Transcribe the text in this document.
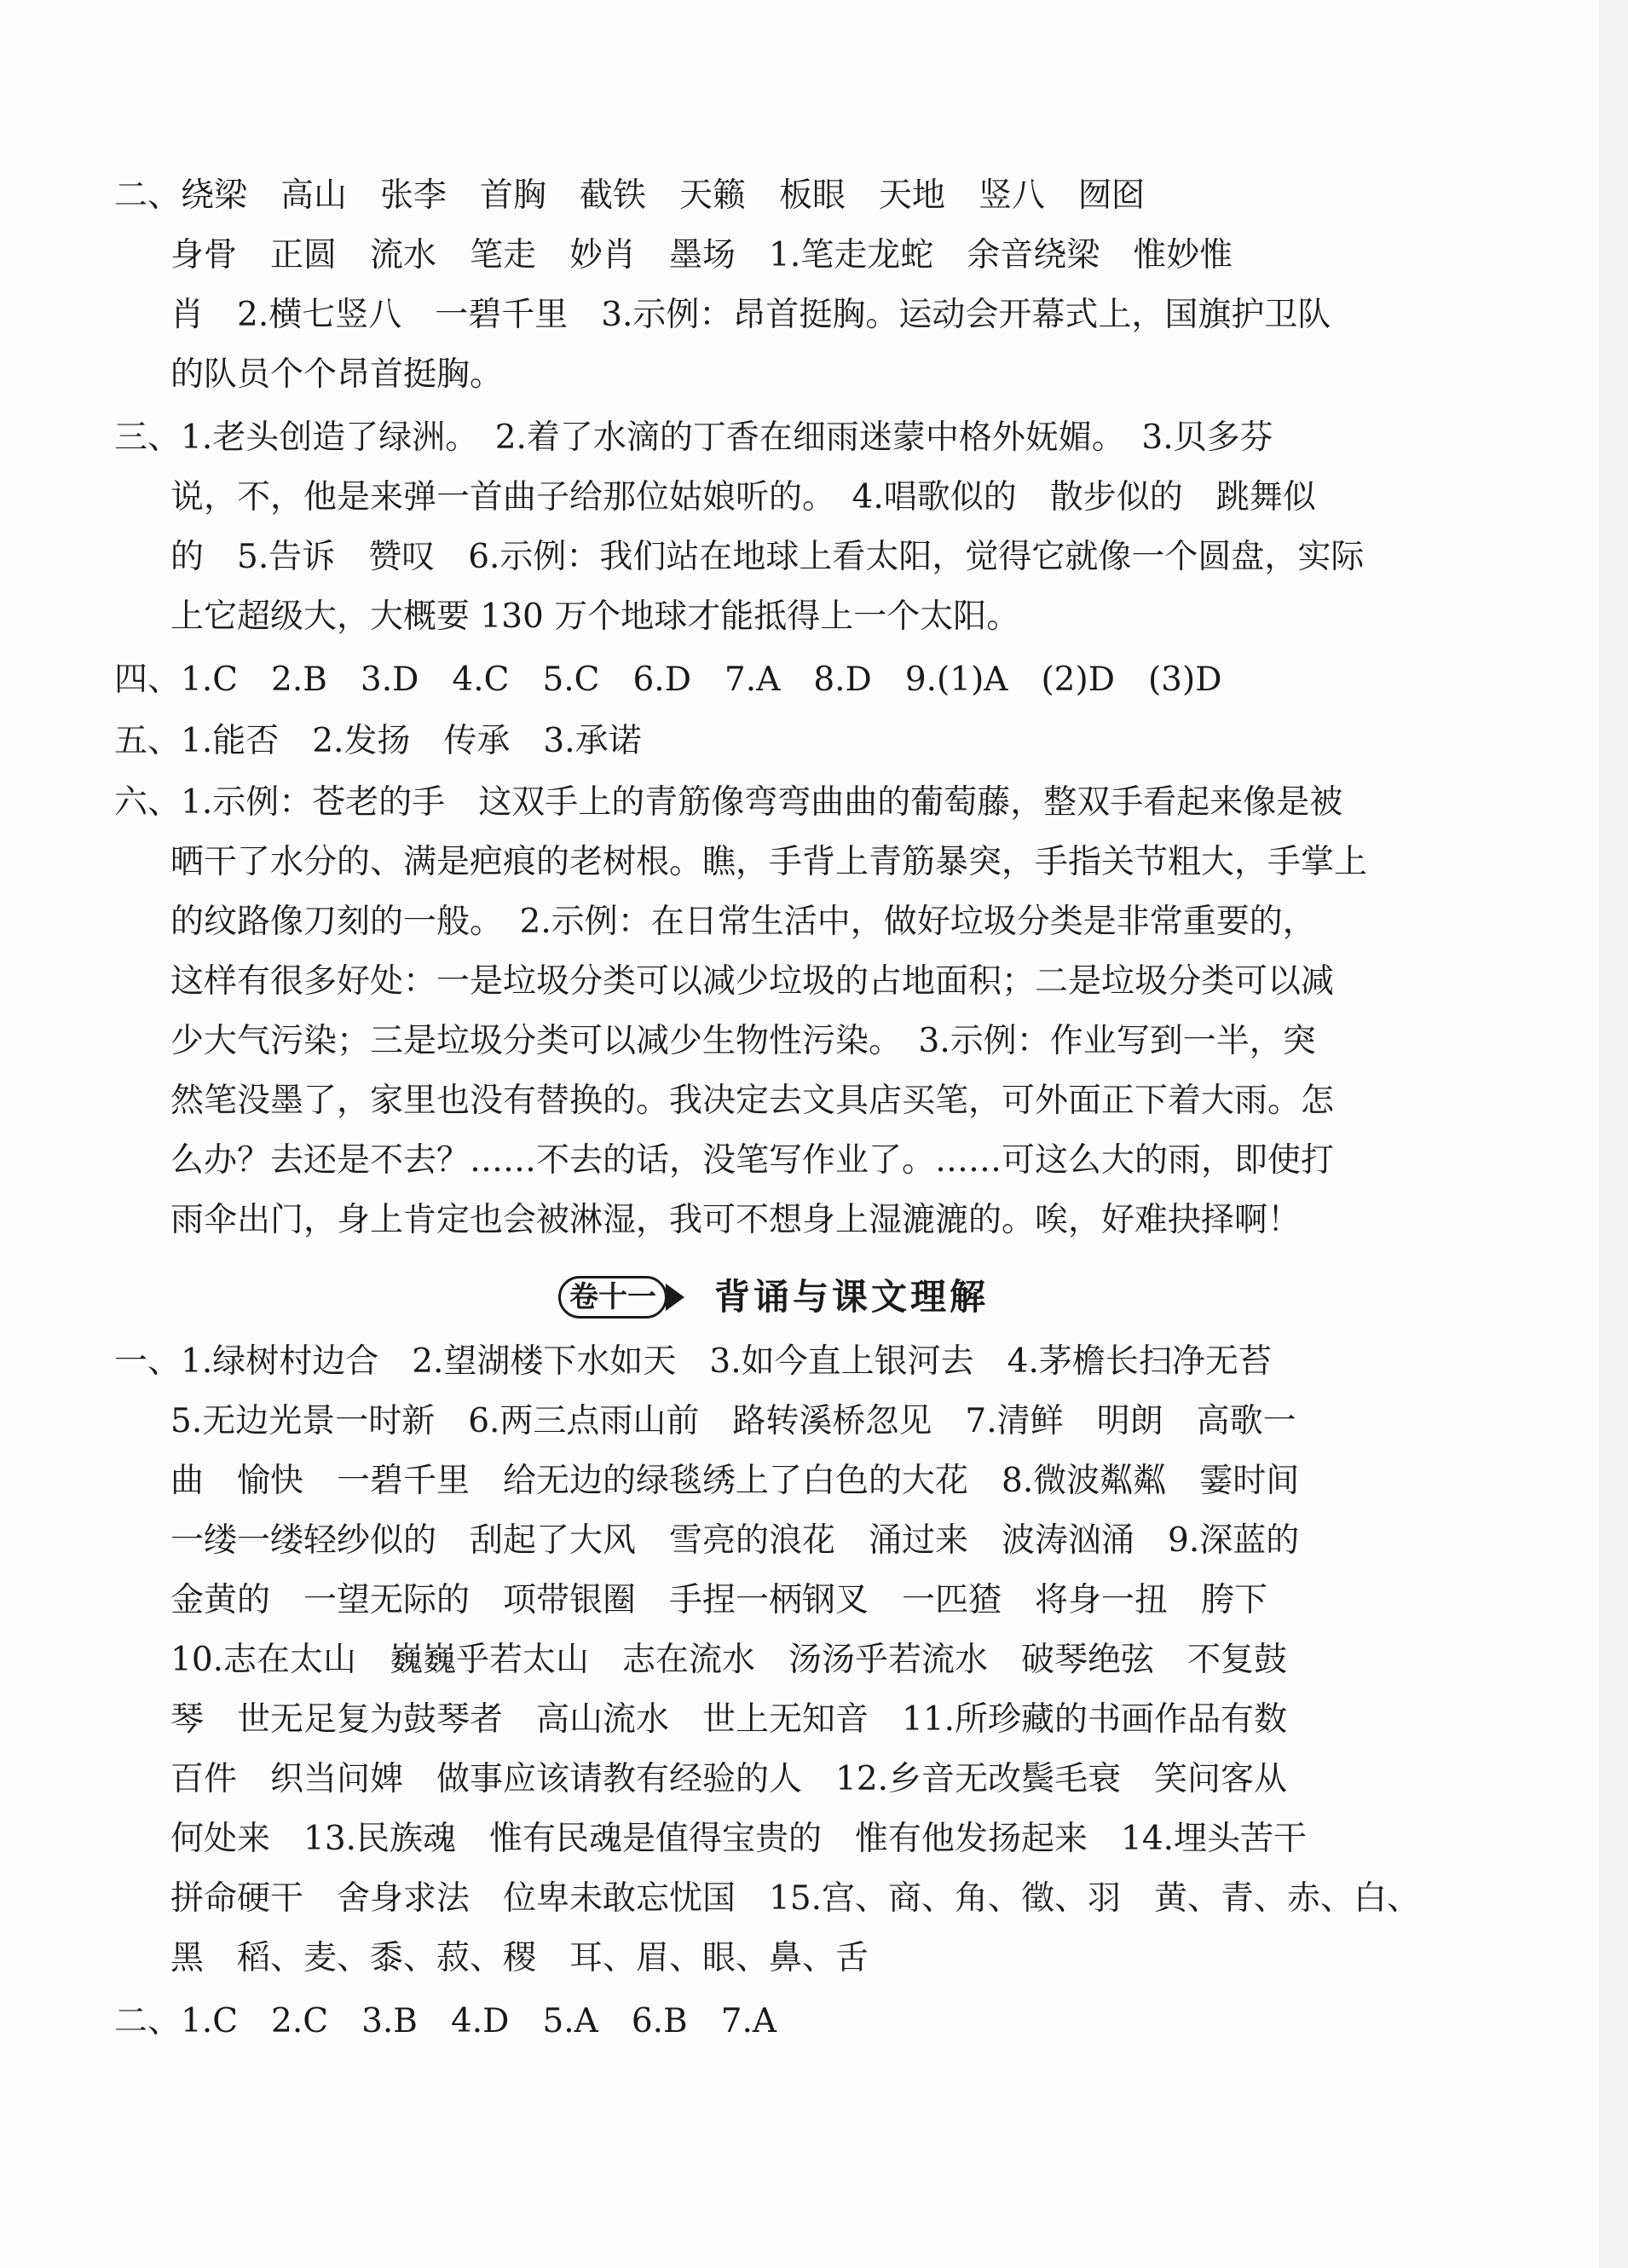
二、绕梁　高山　张李　首胸　截铁　天籁　板眼　天地　竖八　囫囵
身骨　正圆　流水　笔走　妙肖　墨场　1.笔走龙蛇　余音绕梁　惟妙惟
肖　2.横七竖八　一碧千里　3.示例：昂首挺胸。运动会开幕式上，国旗护卫队
的队员个个昂首挺胸。
三、1.老头创造了绿洲。　2.着了水滴的丁香在细雨迷蒙中格外妩媚。　3.贝多芬
说，不，他是来弹一首曲子给那位姑娘听的。　4.唱歌似的　散步似的　跳舞似
的　5.告诉　赞叹　6.示例：我们站在地球上看太阳，觉得它就像一个圆盘，实际
上它超级大，大概要 130 万个地球才能抵得上一个太阳。
四、1.C　2.B　3.D　4.C　5.C　6.D　7.A　8.D　9.(1)A　(2)D　(3)D
五、1.能否　2.发扬　传承　3.承诺
六、1.示例：苍老的手　这双手上的青筋像弯弯曲曲的葡萄藤，整双手看起来像是被
晒干了水分的、满是疤痕的老树根。瞧，手背上青筋暴突，手指关节粗大，手掌上
的纹路像刀刻的一般。　2.示例：在日常生活中，做好垃圾分类是非常重要的，
这样有很多好处：一是垃圾分类可以减少垃圾的占地面积；二是垃圾分类可以减
少大气污染；三是垃圾分类可以减少生物性污染。　3.示例：作业写到一半，突
然笔没墨了，家里也没有替换的。我决定去文具店买笔，可外面正下着大雨。怎
么办？去还是不去？……不去的话，没笔写作业了。……可这么大的雨，即使打
雨伞出门，身上肯定也会被淋湿，我可不想身上湿漉漉的。唉，好难抉择啊！
卷十一	背诵与课文理解
一、1.绿树村边合　2.望湖楼下水如天　3.如今直上银河去　4.茅檐长扫净无苔
5.无边光景一时新　6.两三点雨山前　路转溪桥忽见　7.清鲜　明朗　高歌一
曲　愉快　一碧千里　给无边的绿毯绣上了白色的大花　8.微波粼粼　霎时间
一缕一缕轻纱似的　刮起了大风　雪亮的浪花　涌过来　波涛汹涌　9.深蓝的
金黄的　一望无际的　项带银圈　手捏一柄钢叉　一匹猹　将身一扭　胯下
10.志在太山　巍巍乎若太山　志在流水　汤汤乎若流水　破琴绝弦　不复鼓
琴　世无足复为鼓琴者　高山流水　世上无知音　11.所珍藏的书画作品有数
百件　织当问婢　做事应该请教有经验的人　12.乡音无改鬓毛衰　笑问客从
何处来　13.民族魂　惟有民魂是值得宝贵的　惟有他发扬起来　14.埋头苦干
拼命硬干　舍身求法　位卑未敢忘忧国　15.宫、商、角、徵、羽　黄、青、赤、白、
黑　稻、麦、黍、菽、稷　耳、眉、眼、鼻、舌
二、1.C　2.C　3.B　4.D　5.A　6.B　7.A
